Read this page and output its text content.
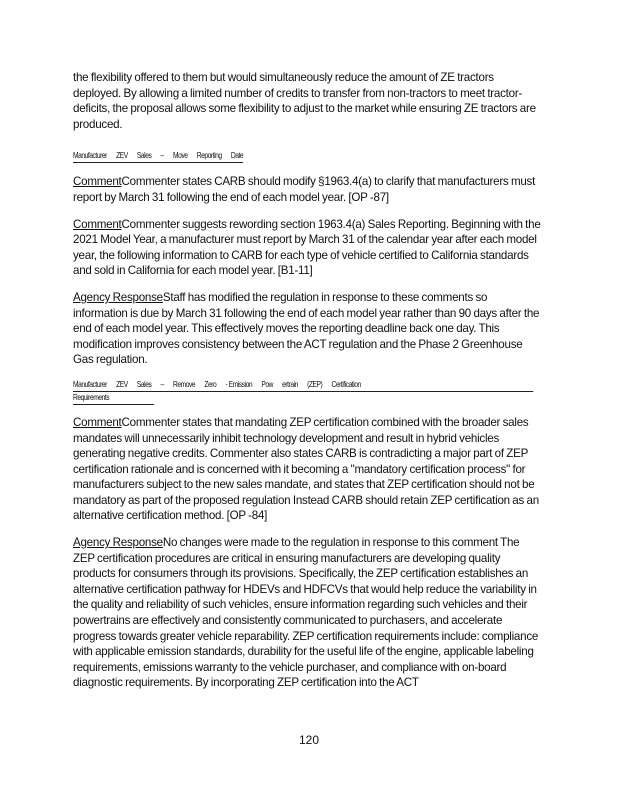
the flexibility offered to them but would simultaneously reduce the amount of ZE tractors deployed. By allowing a limited number of credits to transfer from non-tractors to meet tractor-deficits, the proposal allows some flexibility to adjust to the market while ensuring ZE tractors are produced.

Manufacturer ZEV Sales – Move Reporting Date

CommentCommenter states CARB should modify §1963.4(a) to clarify that manufacturers must report by March 31 following the end of each model year. [OP -87]

CommentCommenter suggests rewording section 1963.4(a) Sales Reporting. Beginning with the 2021 Model Year, a manufacturer must report by March 31 of the calendar year after each model year, the following information to CARB for each type of vehicle certified to California standards and sold in California for each model year. [B1-11]

Agency ResponseStaff has modified the regulation in response to these comments so information is due by March 31 following the end of each model year rather than 90 days after the end of each model year. This effectively moves the reporting deadline back one day. This modification improves consistency between the ACT regulation and the Phase 2 Greenhouse Gas regulation.

Manufacturer ZEV Sales – Remove Zero - Emission Pow ertrain (ZEP) Certification
Requirements

CommentCommenter states that mandating ZEP certification combined with the broader sales mandates will unnecessarily inhibit technology development and result in hybrid vehicles generating negative credits. Commenter also states CARB is contradicting a major part of ZEP certification rationale and is concerned with it becoming a "mandatory certification process" for manufacturers subject to the new sales mandate, and states that ZEP certification should not be mandatory as part of the proposed regulation Instead CARB should retain ZEP certification as an alternative certification method. [OP -84]

Agency ResponseNo changes were made to the regulation in response to this comment The ZEP certification procedures are critical in ensuring manufacturers are developing quality products for consumers through its provisions. Specifically, the ZEP certification establishes an alternative certification pathway for HDEVs and HDFCVs that would help reduce the variability in the quality and reliability of such vehicles, ensure information regarding such vehicles and their powertrains are effectively and consistently communicated to purchasers, and accelerate progress towards greater vehicle reparability. ZEP certification requirements include: compliance with applicable emission standards, durability for the useful life of the engine, applicable labeling requirements, emissions warranty to the vehicle purchaser, and compliance with on-board diagnostic requirements. By incorporating ZEP certification into the ACT

120
